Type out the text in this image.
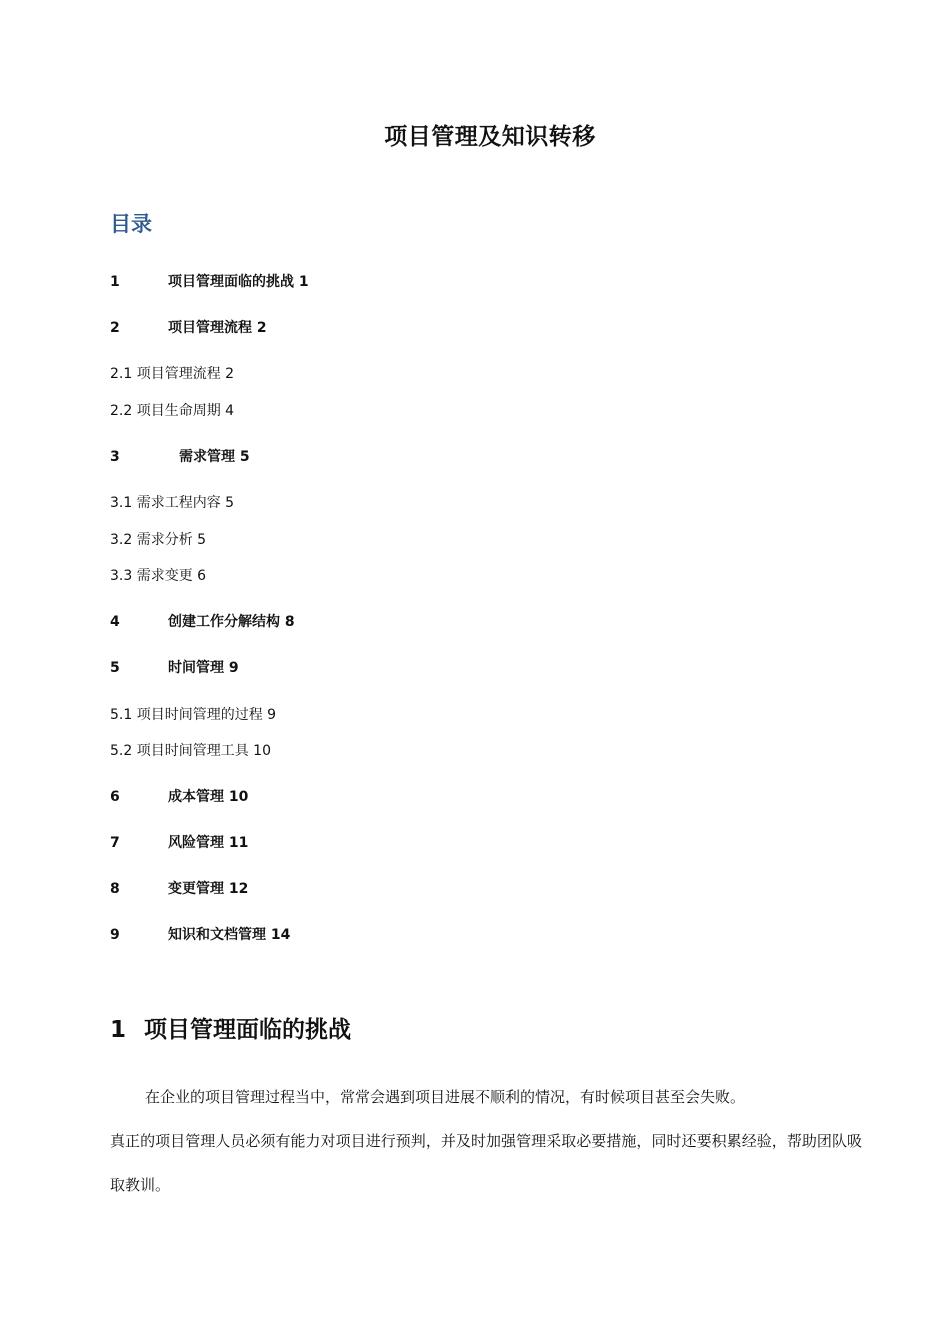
项目管理及知识转移
目录
1	项目管理面临的挑战 1
2	项目管理流程 2
2.1 项目管理流程 2
2.2 项目生命周期 4
3	需求管理 5
3.1 需求工程内容 5
3.2 需求分析 5
3.3 需求变更 6
4	创建工作分解结构 8
5	时间管理 9
5.1 项目时间管理的过程 9
5.2 项目时间管理工具 10
6	成本管理 10
7	风险管理 11
8	变更管理 12
9	知识和文档管理 14
1 项目管理面临的挑战

在企业的项目管理过程当中，常常会遇到项目进展不顺利的情况，有时候项目甚至会失败。

真正的项目管理人员必须有能力对项目进行预判，并及时加强管理采取必要措施，同时还要积累经验，帮助团队吸取教训。
